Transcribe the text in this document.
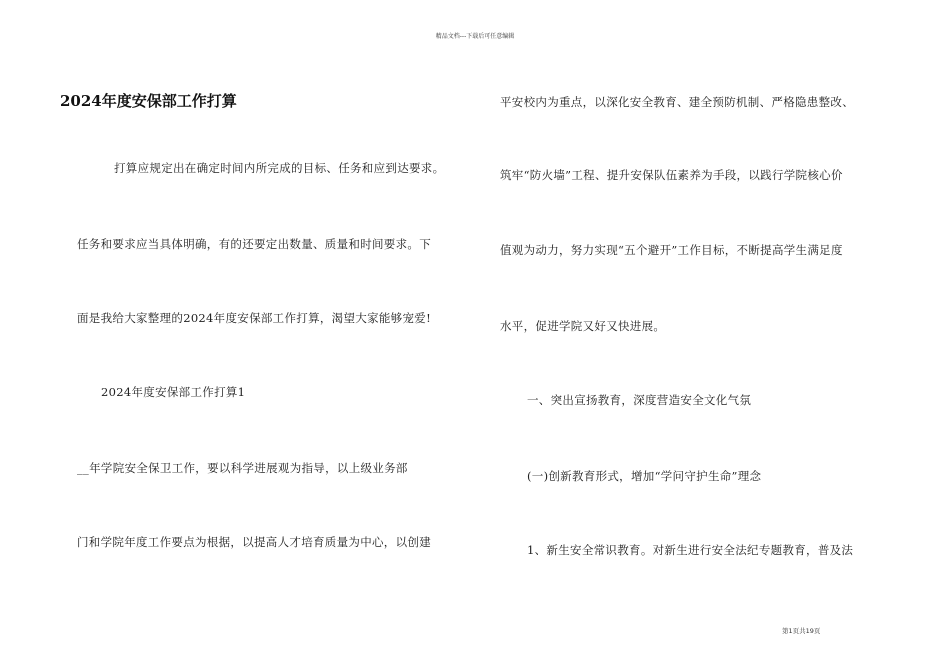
精品文档---下载后可任意编辑
2024年度安保部工作打算
打算应规定出在确定时间内所完成的目标、任务和应到达要求。
任务和要求应当具体明确，有的还要定出数量、质量和时间要求。下
面是我给大家整理的2024年度安保部工作打算，渴望大家能够宠爱!
2024年度安保部工作打算1
__年学院安全保卫工作，要以科学进展观为指导，以上级业务部
门和学院年度工作要点为根据，以提高人才培育质量为中心，以创建
平安校内为重点，以深化安全教育、建全预防机制、严格隐患整改、
筑牢“防火墙”工程、提升安保队伍素养为手段，以践行学院核心价
值观为动力，努力实现“五个避开”工作目标，不断提高学生满足度
水平，促进学院又好又快进展。
一、突出宣扬教育，深度营造安全文化气氛
(一)创新教育形式，增加“学问守护生命”理念
1、新生安全常识教育。对新生进行安全法纪专题教育，普及法
第1页共19页
